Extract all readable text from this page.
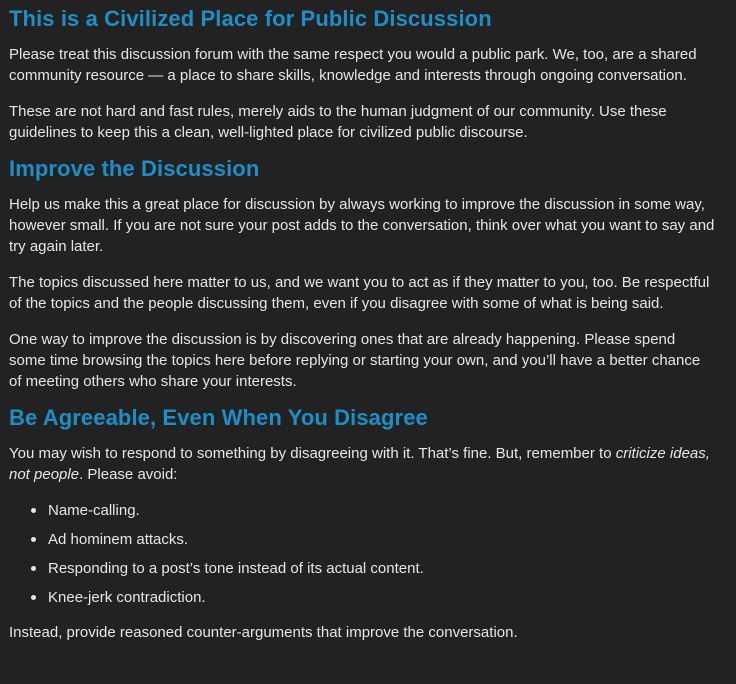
This is a Civilized Place for Public Discussion

Please treat this discussion forum with the same respect you would a public park. We, too, are a shared community resource — a place to share skills, knowledge and interests through ongoing conversation.

These are not hard and fast rules, merely aids to the human judgment of our community. Use these guidelines to keep this a clean, well-lighted place for civilized public discourse.

Improve the Discussion

Help us make this a great place for discussion by always working to improve the discussion in some way, however small. If you are not sure your post adds to the conversation, think over what you want to say and try again later.

The topics discussed here matter to us, and we want you to act as if they matter to you, too. Be respectful of the topics and the people discussing them, even if you disagree with some of what is being said.

One way to improve the discussion is by discovering ones that are already happening. Please spend some time browsing the topics here before replying or starting your own, and you’ll have a better chance of meeting others who share your interests.

Be Agreeable, Even When You Disagree

You may wish to respond to something by disagreeing with it. That’s fine. But, remember to criticize ideas, not people. Please avoid:

Name-calling.
Ad hominem attacks.
Responding to a post’s tone instead of its actual content.
Knee-jerk contradiction.

Instead, provide reasoned counter-arguments that improve the conversation.
